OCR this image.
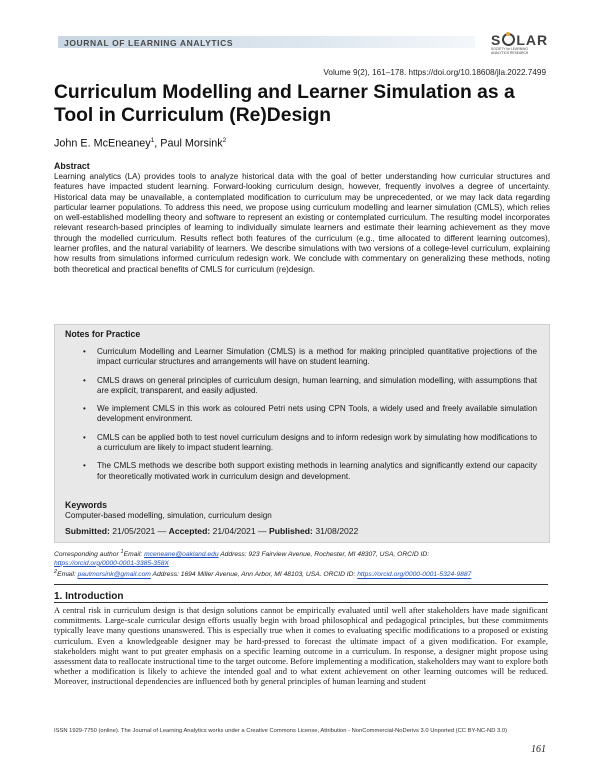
JOURNAL OF LEARNING ANALYTICS	S LAR
SOCIETY for LEARNING
ANALYTICS RESEARCH
Volume 9(2), 161–178. https://doi.org/10.18608/jla.2022.7499
Curriculum Modelling and Learner Simulation as a Tool in Curriculum (Re)Design
John E. McEneaney$^1$, Paul Morsink$^2$
Abstract

Learning analytics (LA) provides tools to analyze historical data with the goal of better understanding how curricular structures and features have impacted student learning. Forward-looking curriculum design, however, frequently involves a degree of uncertainty. Historical data may be unavailable, a contemplated modification to curriculum may be unprecedented, or we may lack data regarding particular learner populations. To address this need, we propose using curriculum modelling and learner simulation (CMLS), which relies on well-established modelling theory and software to represent an existing or contemplated curriculum. The resulting model incorporates relevant research-based principles of learning to individually simulate learners and estimate their learning achievement as they move through the modelled curriculum. Results reflect both features of the curriculum (e.g., time allocated to different learning outcomes), learner profiles, and the natural variability of learners. We describe simulations with two versions of a college-level curriculum, explaining how results from simulations informed curriculum redesign work. We conclude with commentary on generalizing these methods, noting both theoretical and practical benefits of CMLS for curriculum (re)design.

Notes for Practice
• Curriculum Modelling and Learner Simulation (CMLS) is a method for making principled quantitative projections of the impact curricular structures and arrangements will have on student learning.
• CMLS draws on general principles of curriculum design, human learning, and simulation modelling, with assumptions that are explicit, transparent, and easily adjusted.
• We implement CMLS in this work as coloured Petri nets using CPN Tools, a widely used and freely available simulation development environment.
• CMLS can be applied both to test novel curriculum designs and to inform redesign work by simulating how modifications to a curriculum are likely to impact student learning.
• The CMLS methods we describe both support existing methods in learning analytics and significantly extend our capacity for theoretically motivated work in curriculum design and development.
Keywords
Computer-based modelling, simulation, curriculum design
Submitted: 21/05/2021 — Accepted: 21/04/2021 — Published: 31/08/2022

Corresponding author $^1$Email: mceneane@oakland.edu Address: 923 Fairview Avenue, Rochester, MI 48307, USA, ORCID ID:
https://orcid.org/0000-0001-3385-358X
$^2$Email: paulmorsink@gmail.com Address: 1694 Miller Avenue, Ann Arbor, MI 48103, USA. ORCID ID: https://orcid.org/0000-0001-5324-9887

1. Introduction

A central risk in curriculum design is that design solutions cannot be empirically evaluated until well after stakeholders have made significant commitments. Large-scale curricular design efforts usually begin with broad philosophical and pedagogical principles, but these commitments typically leave many questions unanswered. This is especially true when it comes to evaluating specific modifications to a proposed or existing curriculum. Even a knowledgeable designer may be hard-pressed to forecast the ultimate impact of a given modification. For example, stakeholders might want to put greater emphasis on a specific learning outcome in a curriculum. In response, a designer might propose using assessment data to reallocate instructional time to the target outcome. Before implementing a modification, stakeholders may want to explore both whether a modification is likely to achieve the intended goal and to what extent achievement on other learning outcomes will be reduced. Moreover, instructional dependencies are influenced both by general principles of human learning and student

ISSN 1929-7750 (online). The Journal of Learning Analytics works under a Creative Commons License, Attribution - NonCommercial-NoDerivs 3.0 Unported (CC BY-NC-ND 3.0)
161
